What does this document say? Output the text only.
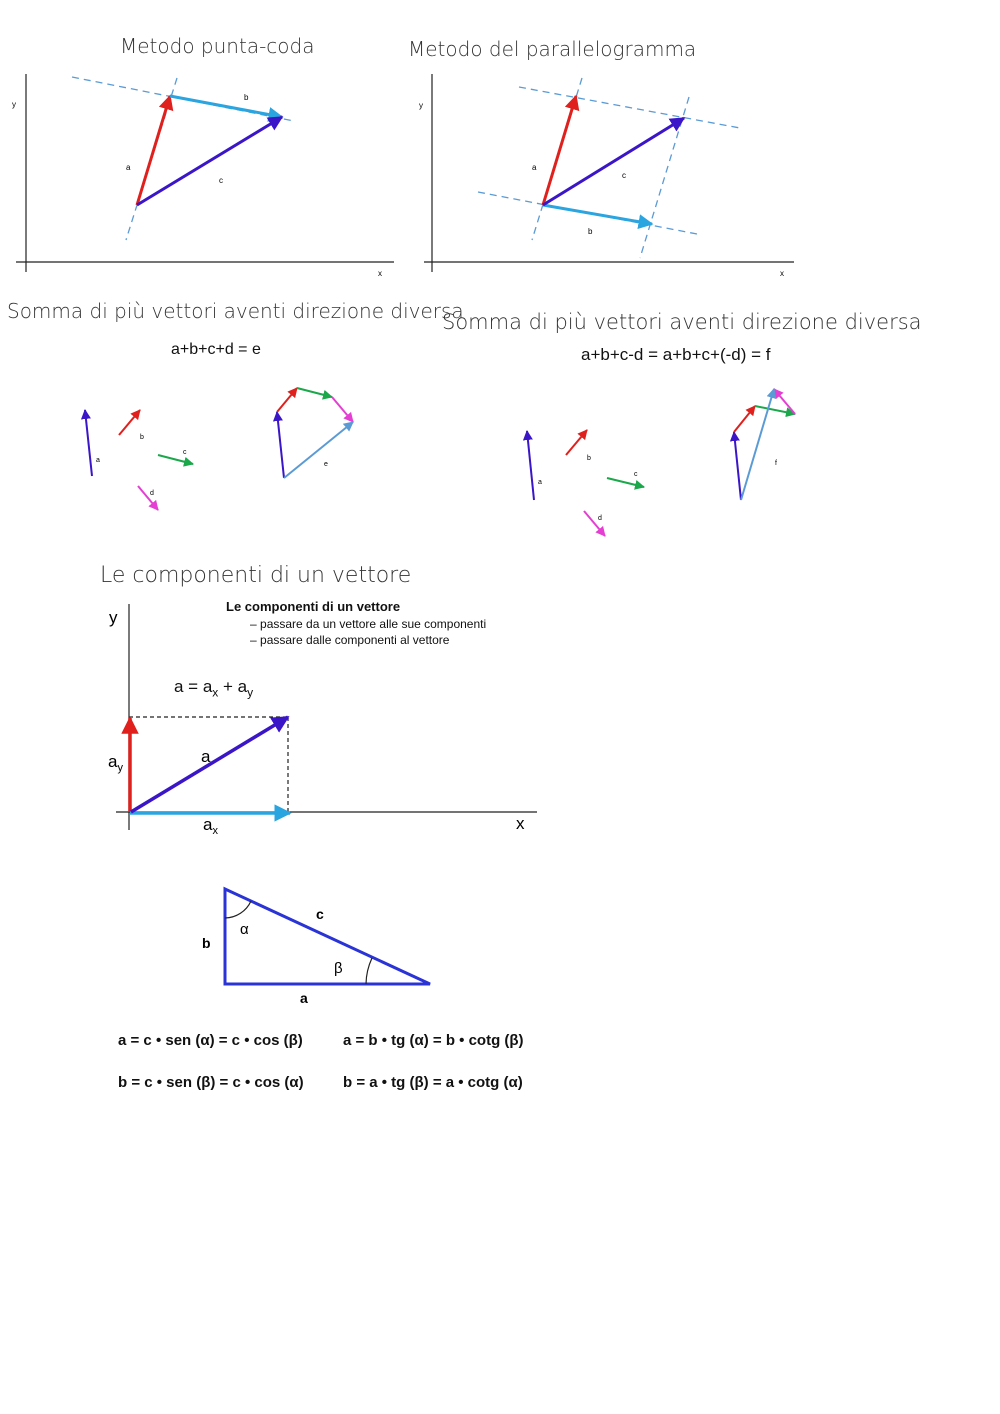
Metodo punta-coda	Metodo del parallelogramma
Somma di più vettori aventi direzione diversa
a+b+c+d = e
Somma di più vettori aventi direzione diversa
a+b+c-d = a+b+c+(-d) = f
Le componenti di un vettore
Le componenti di un vettore
– passare da un vettore alle sue componenti
– passare dalle componenti al vettore
$a = a_x + a_y$
a = c • sen (α) = c • cos (β)	a = b • tg (α) = b • cotg (β)
b = c • sen (β) = c • cos (α)	b = a • tg (β) = a • cotg (α)
a
b
c
x
y
a
b
c
x
y
a
b
c
d
e
a
b
c
d
f
a
$a_x$
$a_y$
x
y
α
β
b
c
a
